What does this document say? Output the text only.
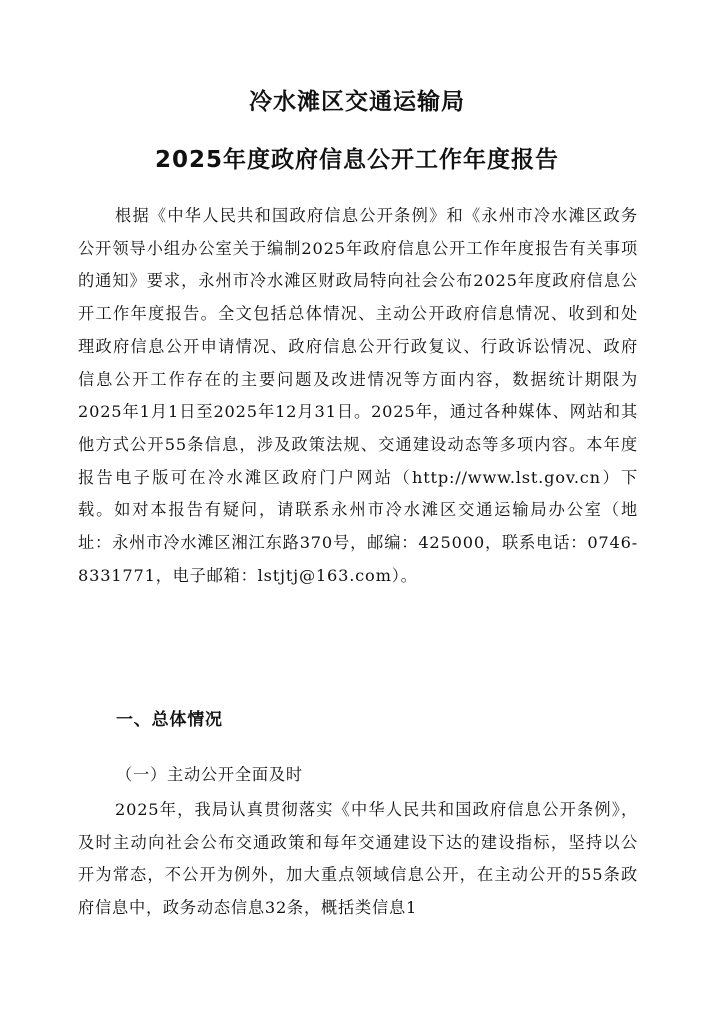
冷水滩区交通运输局
2025年度政府信息公开工作年度报告
根据《中华人民共和国政府信息公开条例》和《永州市冷水滩区政务公开领导小组办公室关于编制2025年政府信息公开工作年度报告有关事项的通知》要求，永州市冷水滩区财政局特向社会公布2025年度政府信息公开工作年度报告。全文包括总体情况、主动公开政府信息情况、收到和处理政府信息公开申请情况、政府信息公开行政复议、行政诉讼情况、政府信息公开工作存在的主要问题及改进情况等方面内容，数据统计期限为2025年1月1日至2025年12月31日。2025年，通过各种媒体、网站和其他方式公开55条信息，涉及政策法规、交通建设动态等多项内容。本年度报告电子版可在冷水滩区政府门户网站（http://www.lst.gov.cn）下载。如对本报告有疑问，请联系永州市冷水滩区交通运输局办公室（地址：永州市冷水滩区湘江东路370号，邮编：425000，联系电话：0746-8331771，电子邮箱：lstjtj@163.com）。
一、总体情况
（一）主动公开全面及时
2025年，我局认真贯彻落实《中华人民共和国政府信息公开条例》，及时主动向社会公布交通政策和每年交通建设下达的建设指标，坚持以公开为常态，不公开为例外，加大重点领域信息公开，在主动公开的55条政府信息中，政务动态信息32条，概括类信息1
